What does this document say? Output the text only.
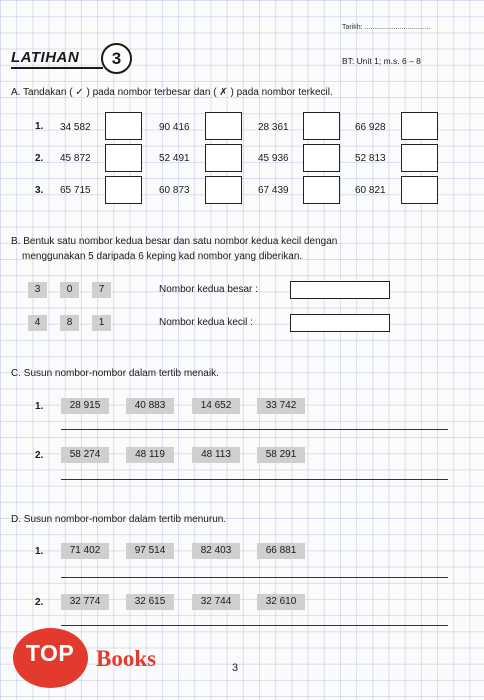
Tarikh: ..................................
LATIHAN	3	BT: Unit 1; m.s. 6 – 8
A. Tandakan ( ✓ ) pada nombor terbesar dan ( ✗ ) pada nombor terkecil.
1. 34 582	90 416	28 361	66 928
2. 45 872	52 491	45 936	52 813
3. 65 715	60 873	67 439	60 821
B. Bentuk satu nombor kedua besar dan satu nombor kedua kecil dengan
menggunakan 5 daripada 6 keping kad nombor yang diberikan.
3	0	7
4	8	1
Nombor kedua besar :
Nombor kedua kecil :
C. Susun nombor-nombor dalam tertib menaik.
1.	28 915	40 883	14 652	33 742
2.	58 274	48 119	48 113	58 291
D. Susun nombor-nombor dalam tertib menurun.
1.	71 402	97 514	82 403	66 881
2.	32 774	32 615	32 744	32 610
TOP Books	3
